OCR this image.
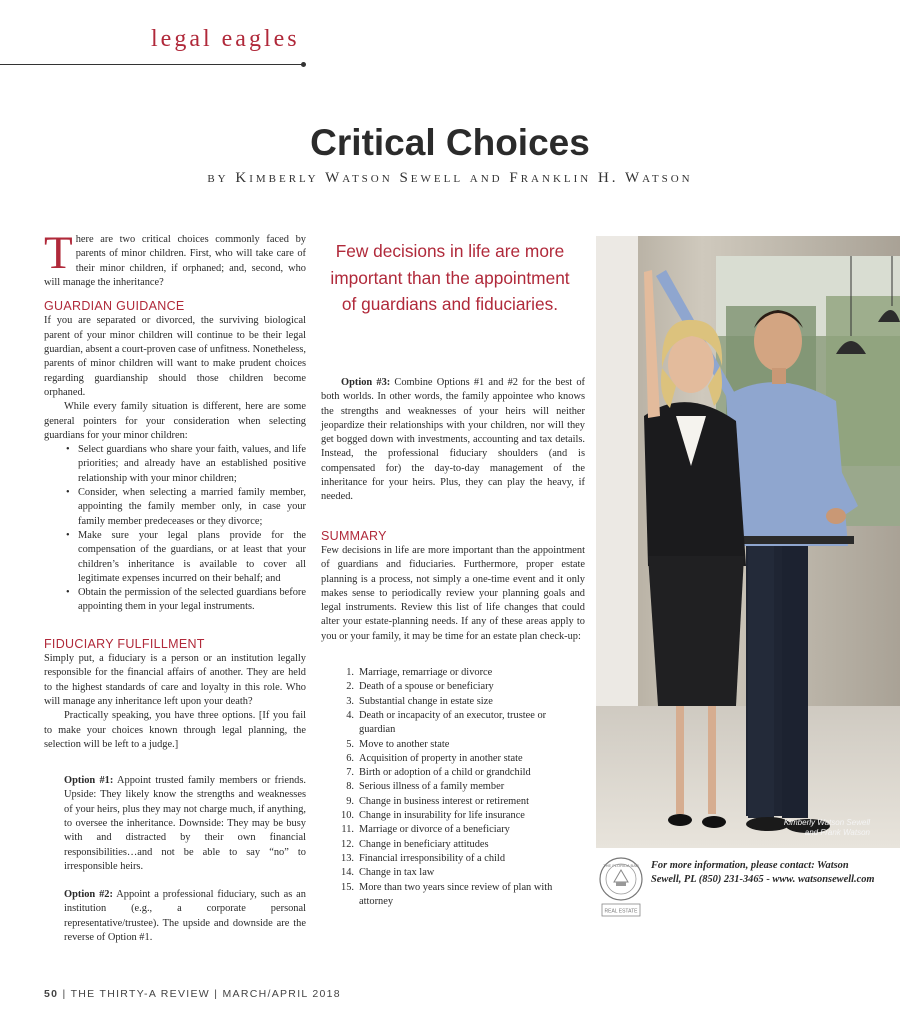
legal eagles
Critical Choices
by Kimberly Watson Sewell and Franklin H. Watson

There are two critical choices commonly faced by parents of minor children. First, who will take care of their minor children, if orphaned; and, second, who will manage the inheritance?

GUARDIAN GUIDANCE

If you are separated or divorced, the surviving biological parent of your minor children will continue to be their legal guardian, absent a court-proven case of unfitness. Nonetheless, parents of minor children will want to make prudent choices regarding guardianship should those children become orphaned.

While every family situation is different, here are some general pointers for your consideration when selecting guardians for your minor children:

• Select guardians who share your faith, values, and life priorities; and already have an established positive relationship with your minor children;
• Consider, when selecting a married family member, appointing the family member only, in case your family member predeceases or they divorce;
• Make sure your legal plans provide for the compensation of the guardians, or at least that your children’s inheritance is available to cover all legitimate expenses incurred on their behalf; and
• Obtain the permission of the selected guardians before appointing them in your legal instruments.
FIDUCIARY FULFILLMENT

Simply put, a fiduciary is a person or an institution legally responsible for the financial affairs of another. They are held to the highest standards of care and loyalty in this role. Who will manage any inheritance left upon your death?

Practically speaking, you have three options. [If you fail to make your choices known through legal planning, the selection will be left to a judge.]

Option #1: Appoint trusted family members or friends. Upside: They likely know the strengths and weaknesses of your heirs, plus they may not charge much, if anything, to oversee the inheritance. Downside: They may be busy with and distracted by their own financial responsibilities…and not be able to say “no” to irresponsible heirs.

Option #2: Appoint a professional fiduciary, such as an institution (e.g., a corporate personal representative/trustee). The upside and downside are the reverse of Option #1.

Few decisions in life are more important than the appointment of guardians and fiduciaries.

Option #3: Combine Options #1 and #2 for the best of both worlds. In other words, the family appointee who knows the strengths and weaknesses of your heirs will neither jeopardize their relationships with your children, nor will they get bogged down with investments, accounting and tax details. Instead, the professional fiduciary shoulders (and is compensated for) the day-to-day management of the inheritance for your heirs. Plus, they can play the heavy, if needed.

SUMMARY

Few decisions in life are more important than the appointment of guardians and fiduciaries. Furthermore, proper estate planning is a process, not simply a one-time event and it only makes sense to periodically review your planning goals and legal instruments. Review this list of life changes that could alter your estate-planning needs. If any of these areas apply to you or your family, it may be time for an estate plan check-up:

1. Marriage, remarriage or divorce
2. Death of a spouse or beneficiary
3. Substantial change in estate size
4. Death or incapacity of an executor, trustee or guardian
5. Move to another state
6. Acquisition of property in another state
7. Birth or adoption of a child or grandchild
8. Serious illness of a family member
9. Change in business interest or retirement
10. Change in insurability for life insurance
11. Marriage or divorce of a beneficiary
12. Change in beneficiary attitudes
13. Financial irresponsibility of a child
14. Change in tax law
15. More than two years since review of plan with attorney
Kimberly Watson Sewell
and Frank Watson
THE FLORIDA BAR
REAL ESTATE
For more information, please contact: Watson Sewell, PL (850) 231-3465 - www. watsonsewell.com
50 | THE THIRTY-A REVIEW | MARCH/APRIL 2018
